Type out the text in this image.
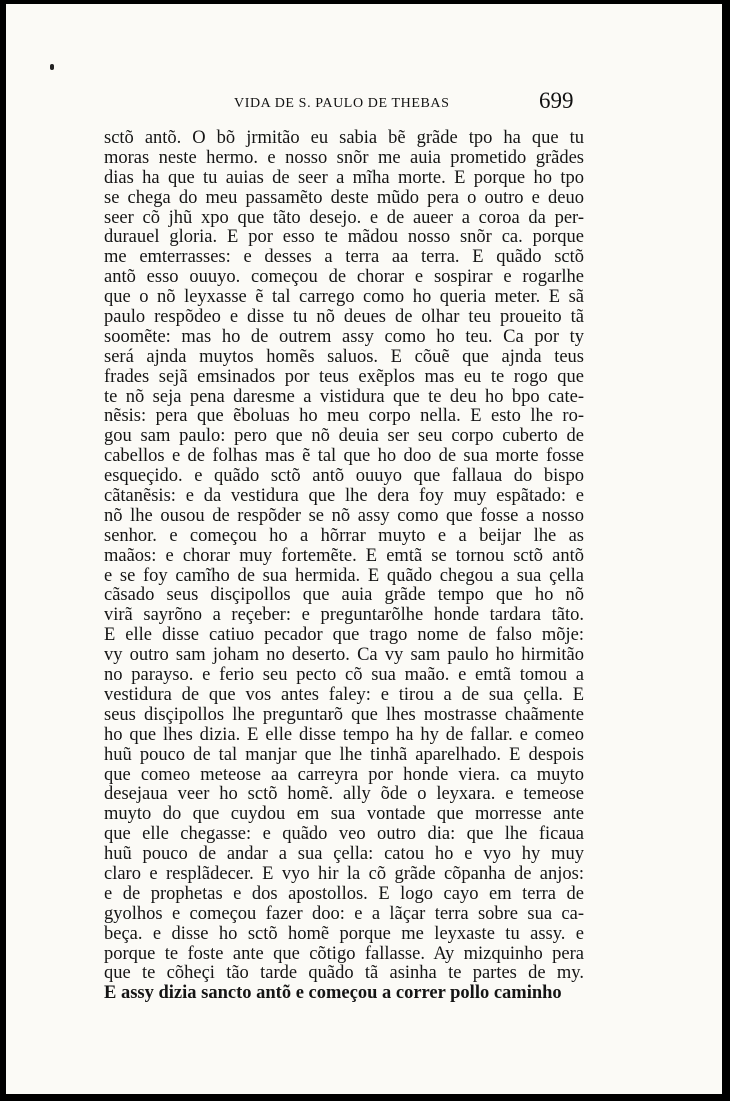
VIDA DE S. PAULO DE THEBAS	699
sctõ antõ. O bõ jrmitão eu sabia bẽ grãde tpo ha que tu
moras neste hermo. e nosso snõr me auia prometido grãdes
dias ha que tu auias de seer a mĩha morte. E porque ho tpo
se chega do meu passamẽto deste mũdo pera o outro e deuo
seer cõ jhũ xpo que tãto desejo. e de aueer a coroa da per-
durauel gloria. E por esso te mãdou nosso snõr ca. porque
me emterrasses: e desses a terra aa terra. E quãdo sctõ
antõ esso ouuyo. começou de chorar e sospirar e rogarlhe
que o nõ leyxasse ẽ tal carrego como ho queria meter. E sã
paulo respõdeo e disse tu nõ deues de olhar teu proueito tã
soomẽte: mas ho de outrem assy como ho teu. Ca por ty
será ajnda muytos homẽs saluos. E cõuẽ que ajnda teus
frades sejã emsinados por teus exẽplos mas eu te rogo que
te nõ seja pena daresme a vistidura que te deu ho bpo cate-
nẽsis: pera que ẽboluas ho meu corpo nella. E esto lhe ro-
gou sam paulo: pero que nõ deuia ser seu corpo cuberto de
cabellos e de folhas mas ẽ tal que ho doo de sua morte fosse
esqueçido. e quãdo sctõ antõ ouuyo que fallaua do bispo
cãtanẽsis: e da vestidura que lhe dera foy muy espãtado: e
nõ lhe ousou de respõder se nõ assy como que fosse a nosso
senhor. e começou ho a hõrrar muyto e a beijar lhe as
maãos: e chorar muy fortemẽte. E emtã se tornou sctõ antõ
e se foy camĩho de sua hermida. E quãdo chegou a sua çella
cãsado seus disçipollos que auia grãde tempo que ho nõ
virã sayrõno a reçeber: e preguntarõlhe honde tardara tãto.
E elle disse catiuo pecador que trago nome de falso mõje:
vy outro sam joham no deserto. Ca vy sam paulo ho hirmitão
no parayso. e ferio seu pecto cõ sua maão. e emtã tomou a
vestidura de que vos antes faley: e tirou a de sua çella. E
seus disçipollos lhe preguntarõ que lhes mostrasse chaãmente
ho que lhes dizia. E elle disse tempo ha hy de fallar. e comeo
huũ pouco de tal manjar que lhe tinhã aparelhado. E despois
que comeo meteose aa carreyra por honde viera. ca muyto
desejaua veer ho sctõ homẽ. ally õde o leyxara. e temeose
muyto do que cuydou em sua vontade que morresse ante
que elle chegasse: e quãdo veo outro dia: que lhe ficaua
huũ pouco de andar a sua çella: catou ho e vyo hy muy
claro e resplãdecer. E vyo hir la cõ grãde cõpanha de anjos:
e de prophetas e dos apostollos. E logo cayo em terra de
gyolhos e começou fazer doo: e a lãçar terra sobre sua ca-
beça. e disse ho sctõ homẽ porque me leyxaste tu assy. e
porque te foste ante que cõtigo fallasse. Ay mizquinho pera
que te cõheçi tão tarde quãdo tã asinha te partes de my.
E assy dizia sancto antõ e começou a correr pollo caminho
